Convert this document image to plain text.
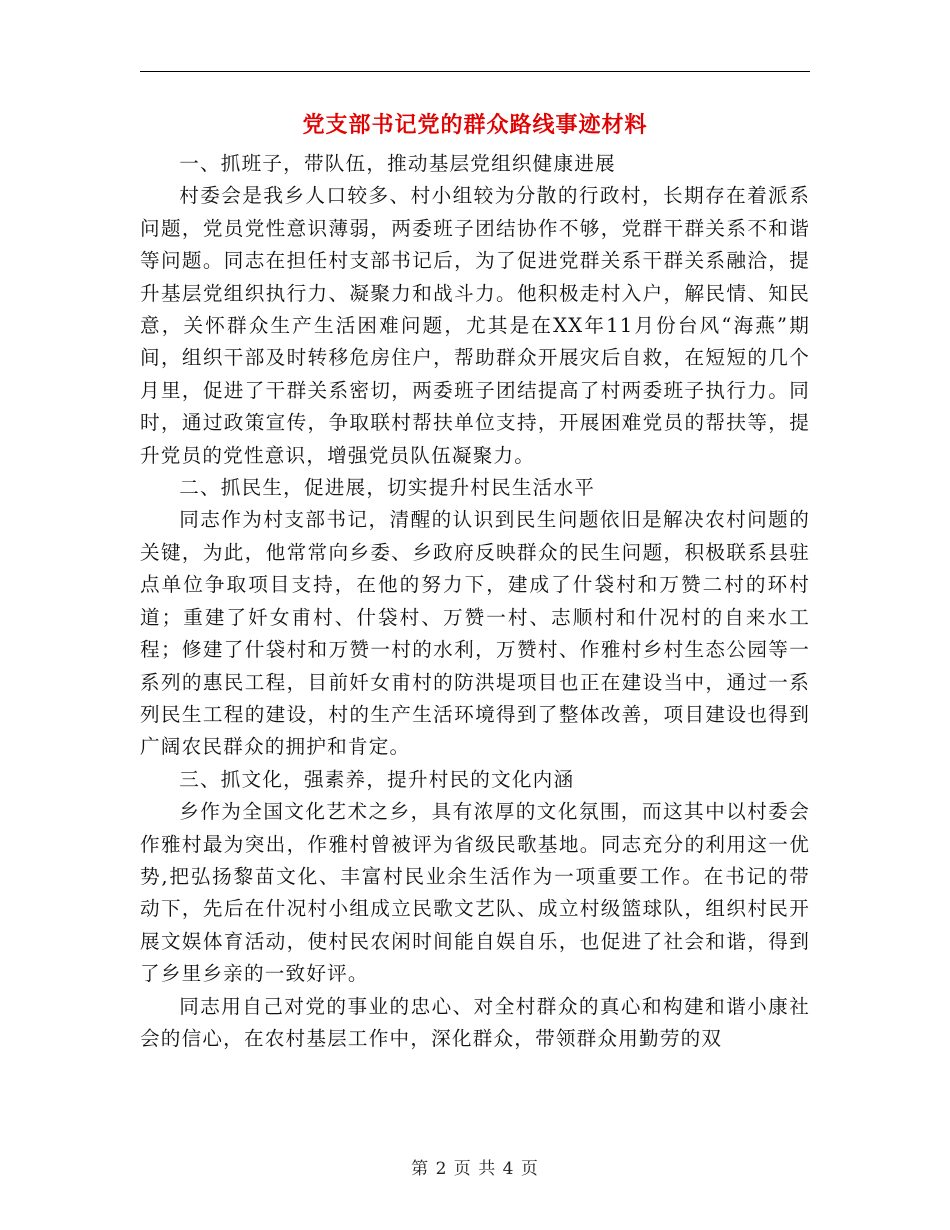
党支部书记党的群众路线事迹材料

一、抓班子，带队伍，推动基层党组织健康进展

村委会是我乡人口较多、村小组较为分散的行政村，长期存在着派系问题，党员党性意识薄弱，两委班子团结协作不够，党群干群关系不和谐等问题。同志在担任村支部书记后，为了促进党群关系干群关系融洽，提升基层党组织执行力、凝聚力和战斗力。他积极走村入户，解民情、知民意，关怀群众生产生活困难问题，尤其是在XX年11月份台风“海燕”期间，组织干部及时转移危房住户，帮助群众开展灾后自救，在短短的几个月里，促进了干群关系密切，两委班子团结提高了村两委班子执行力。同时，通过政策宣传，争取联村帮扶单位支持，开展困难党员的帮扶等，提升党员的党性意识，增强党员队伍凝聚力。

二、抓民生，促进展，切实提升村民生活水平

同志作为村支部书记，清醒的认识到民生问题依旧是解决农村问题的关键，为此，他常常向乡委、乡政府反映群众的民生问题，积极联系县驻点单位争取项目支持，在他的努力下，建成了什袋村和万赞二村的环村道；重建了奷女甫村、什袋村、万赞一村、志顺村和什况村的自来水工程；修建了什袋村和万赞一村的水利，万赞村、作雅村乡村生态公园等一系列的惠民工程，目前奷女甫村的防洪堤项目也正在建设当中，通过一系列民生工程的建设，村的生产生活环境得到了整体改善，项目建设也得到广阔农民群众的拥护和肯定。

三、抓文化，强素养，提升村民的文化内涵

乡作为全国文化艺术之乡，具有浓厚的文化氛围，而这其中以村委会作雅村最为突出，作雅村曾被评为省级民歌基地。同志充分的利用这一优势,把弘扬黎苗文化、丰富村民业余生活作为一项重要工作。在书记的带动下，先后在什况村小组成立民歌文艺队、成立村级篮球队，组织村民开展文娱体育活动，使村民农闲时间能自娱自乐，也促进了社会和谐，得到了乡里乡亲的一致好评。

同志用自己对党的事业的忠心、对全村群众的真心和构建和谐小康社会的信心，在农村基层工作中，深化群众，带领群众用勤劳的双

第 2 页 共 4 页
